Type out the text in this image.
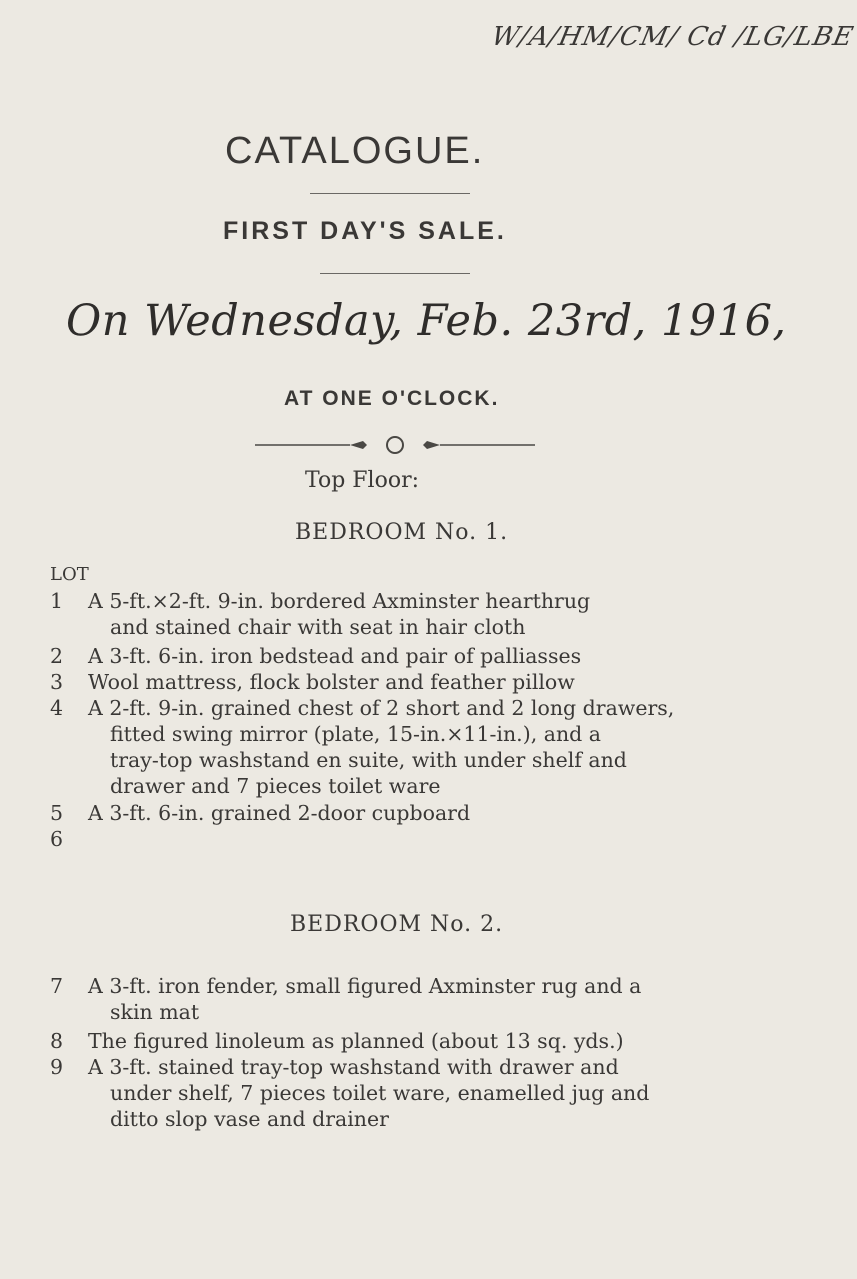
W/A/HM/CM/ Cd /LG/LBE
CATALOGUE.
FIRST DAY'S SALE.
On Wednesday, Feb. 23rd, 1916,
AT ONE O'CLOCK.
Top Floor:
BEDROOM No. 1.
LOT
1	A 5-ft.×2-ft. 9-in. bordered Axminster hearthrug
and stained chair with seat in hair cloth
2	A 3-ft. 6-in. iron bedstead and pair of palliasses
3	Wool mattress, flock bolster and feather pillow
4	A 2-ft. 9-in. grained chest of 2 short and 2 long drawers,
fitted swing mirror (plate, 15-in.×11-in.), and a
tray-top washstand en suite, with under shelf and
drawer and 7 pieces toilet ware
5	A 3-ft. 6-in. grained 2-door cupboard
6
BEDROOM No. 2.
7	A 3-ft. iron fender, small figured Axminster rug and a
skin mat
8	The figured linoleum as planned (about 13 sq. yds.)
9	A 3-ft. stained tray-top washstand with drawer and
under shelf, 7 pieces toilet ware, enamelled jug and
ditto slop vase and drainer
